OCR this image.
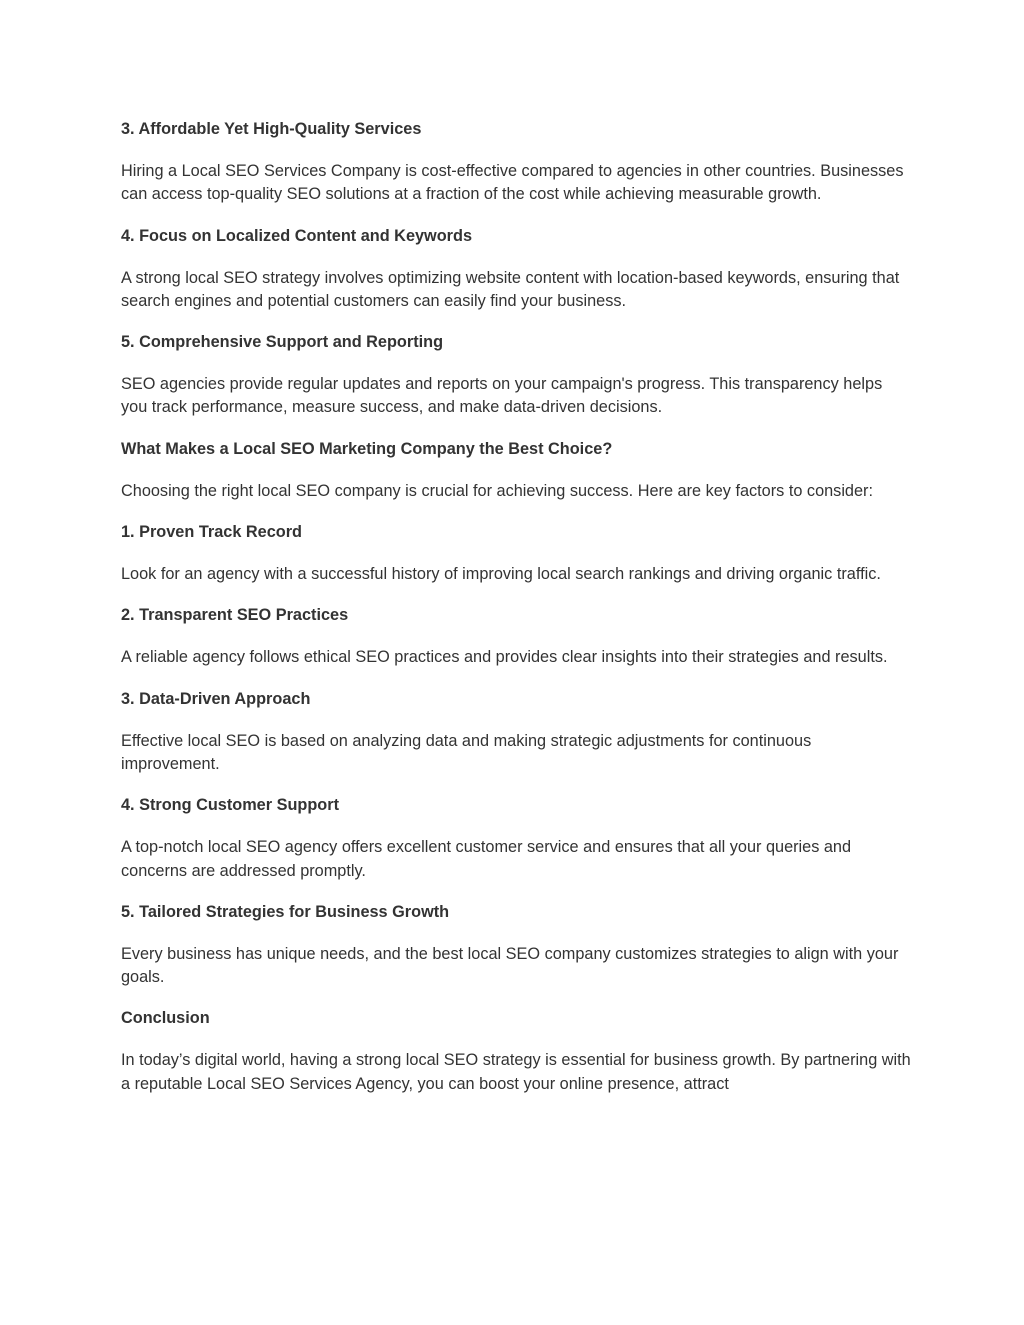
3. Affordable Yet High-Quality Services
Hiring a Local SEO Services Company is cost-effective compared to agencies in other countries. Businesses can access top-quality SEO solutions at a fraction of the cost while achieving measurable growth.
4. Focus on Localized Content and Keywords
A strong local SEO strategy involves optimizing website content with location-based keywords, ensuring that search engines and potential customers can easily find your business.
5. Comprehensive Support and Reporting
SEO agencies provide regular updates and reports on your campaign's progress. This transparency helps you track performance, measure success, and make data-driven decisions.
What Makes a Local SEO Marketing Company the Best Choice?
Choosing the right local SEO company is crucial for achieving success. Here are key factors to consider:
1. Proven Track Record
Look for an agency with a successful history of improving local search rankings and driving organic traffic.
2. Transparent SEO Practices
A reliable agency follows ethical SEO practices and provides clear insights into their strategies and results.
3. Data-Driven Approach
Effective local SEO is based on analyzing data and making strategic adjustments for continuous improvement.
4. Strong Customer Support
A top-notch local SEO agency offers excellent customer service and ensures that all your queries and concerns are addressed promptly.
5. Tailored Strategies for Business Growth
Every business has unique needs, and the best local SEO company customizes strategies to align with your goals.
Conclusion
In today’s digital world, having a strong local SEO strategy is essential for business growth. By partnering with a reputable Local SEO Services Agency, you can boost your online presence, attract
